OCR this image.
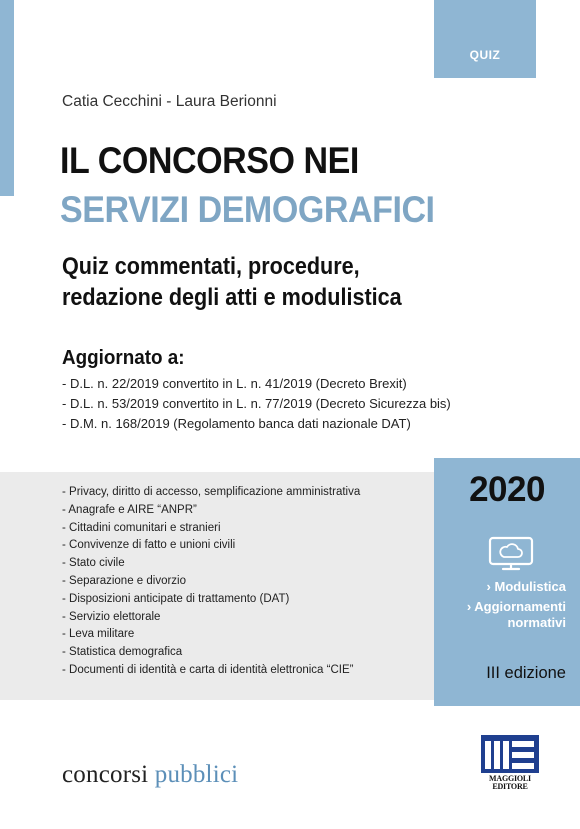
QUIZ
Catia Cecchini - Laura Berionni
IL CONCORSO NEI
SERVIZI DEMOGRAFICI
Quiz commentati, procedure,
redazione degli atti e modulistica
Aggiornato a:
- D.L. n. 22/2019 convertito in L. n. 41/2019 (Decreto Brexit)
- D.L. n. 53/2019 convertito in L. n. 77/2019 (Decreto Sicurezza bis)
- D.M. n. 168/2019 (Regolamento banca dati nazionale DAT)
- Privacy, diritto di accesso, semplificazione amministrativa
- Anagrafe e AIRE “ANPR”
- Cittadini comunitari e stranieri
- Convivenze di fatto e unioni civili
- Stato civile
- Separazione e divorzio
- Disposizioni anticipate di trattamento (DAT)
- Servizio elettorale
- Leva militare
- Statistica demografica
- Documenti di identità e carta di identità elettronica “CIE”
2020
› Modulistica
› Aggiornamenti
normativi
III edizione
concorsi pubblici	MAGGIOLI
EDITORE
